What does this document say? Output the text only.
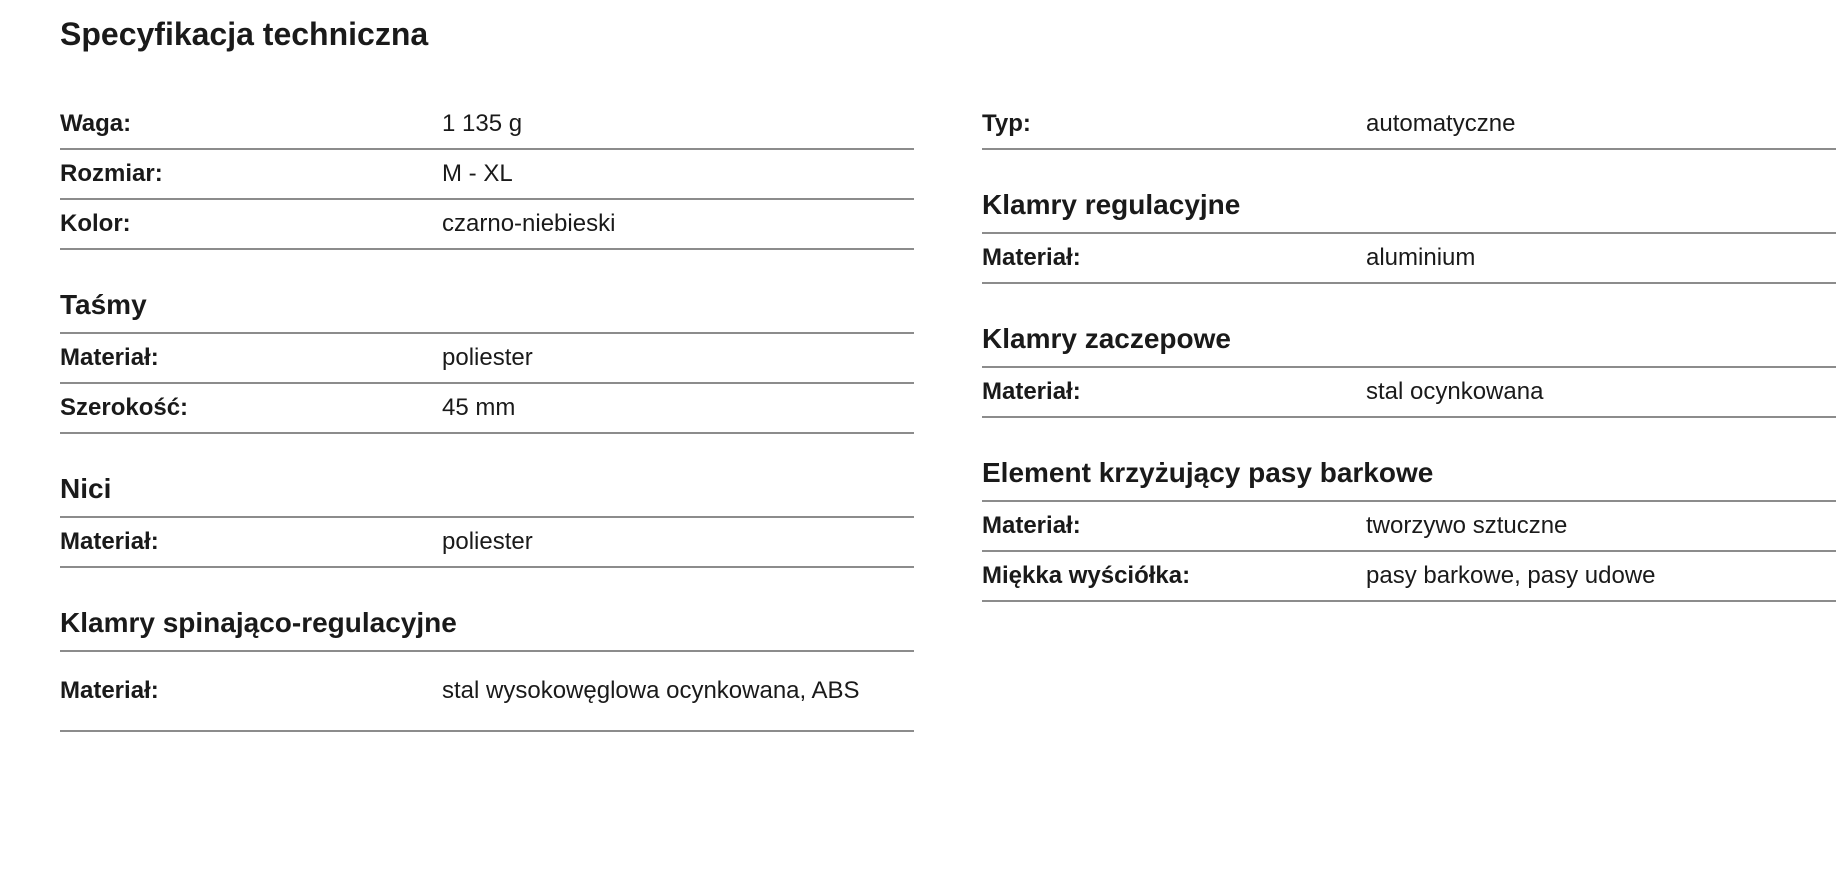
Specyfikacja techniczna
Waga:	1 135 g
Rozmiar:	M - XL
Kolor:	czarno-niebieski
Taśmy
Materiał:	poliester
Szerokość:	45 mm
Nici
Materiał:	poliester
Klamry spinająco-regulacyjne
Materiał:	stal wysokowęglowa ocynkowana, ABS
Typ:	automatyczne
Klamry regulacyjne
Materiał:	aluminium
Klamry zaczepowe
Materiał:	stal ocynkowana
Element krzyżujący pasy barkowe
Materiał:	tworzywo sztuczne
Miękka wyściółka:	pasy barkowe, pasy udowe
